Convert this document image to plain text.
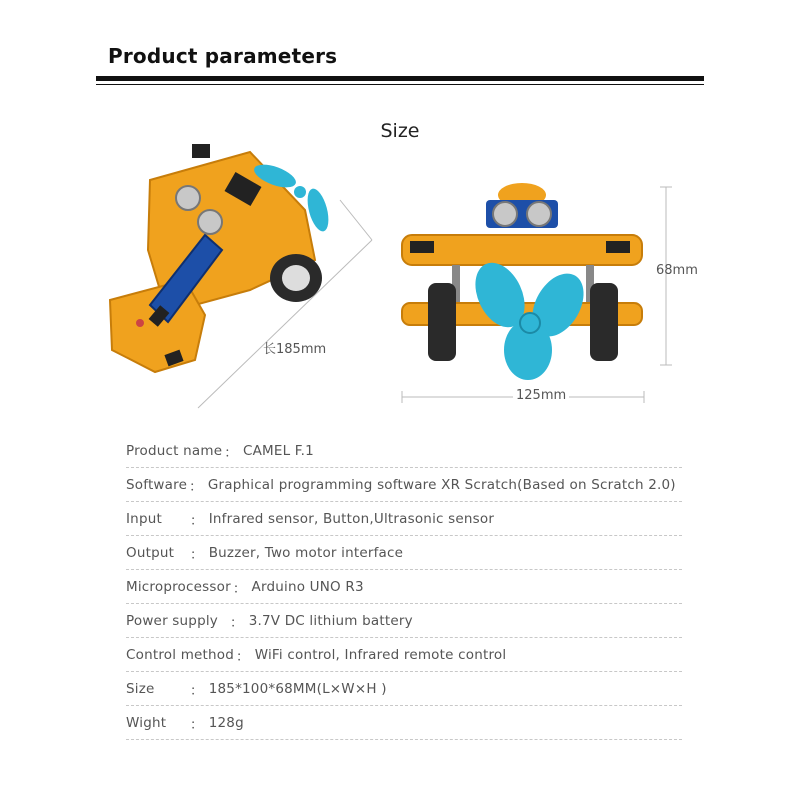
Product parameters
Size
长185mm
68mm
125mm
Product name ： CAMEL F.1
Software ： Graphical programming software XR Scratch(Based on Scratch 2.0)
Input	： Infrared sensor, Button,Ultrasonic sensor
Output	： Buzzer, Two motor interface
Microprocessor ： Arduino UNO R3
Power supply ： 3.7V DC lithium battery
Control method ： WiFi control, Infrared remote control
Size	： 185*100*68MM(L×W×H )
Wight	： 128g
